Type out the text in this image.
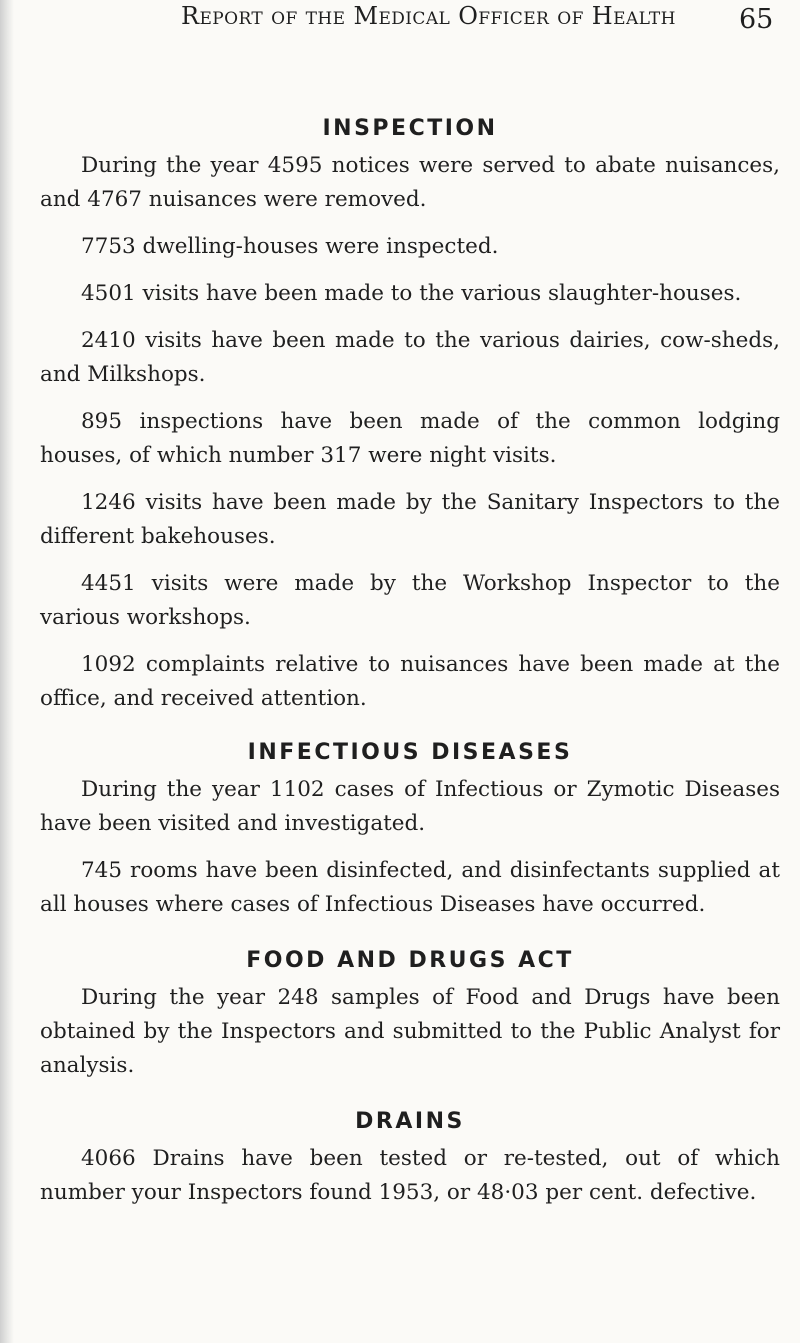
Report of the Medical Officer of Health	65
INSPECTION

During the year 4595 notices were served to abate nuisances, and 4767 nuisances were removed.

7753 dwelling-houses were inspected.

4501 visits have been made to the various slaughter-houses.

2410 visits have been made to the various dairies, cow-sheds, and Milkshops.

895 inspections have been made of the common lodging houses, of which number 317 were night visits.

1246 visits have been made by the Sanitary Inspectors to the different bakehouses.

4451 visits were made by the Workshop Inspector to the various workshops.

1092 complaints relative to nuisances have been made at the office, and received attention.

INFECTIOUS DISEASES

During the year 1102 cases of Infectious or Zymotic Diseases have been visited and investigated.

745 rooms have been disinfected, and disinfectants supplied at all houses where cases of Infectious Diseases have occurred.

FOOD AND DRUGS ACT

During the year 248 samples of Food and Drugs have been obtained by the Inspectors and submitted to the Public Analyst for analysis.

DRAINS

4066 Drains have been tested or re-tested, out of which number your Inspectors found 1953, or 48·03 per cent. defective.
